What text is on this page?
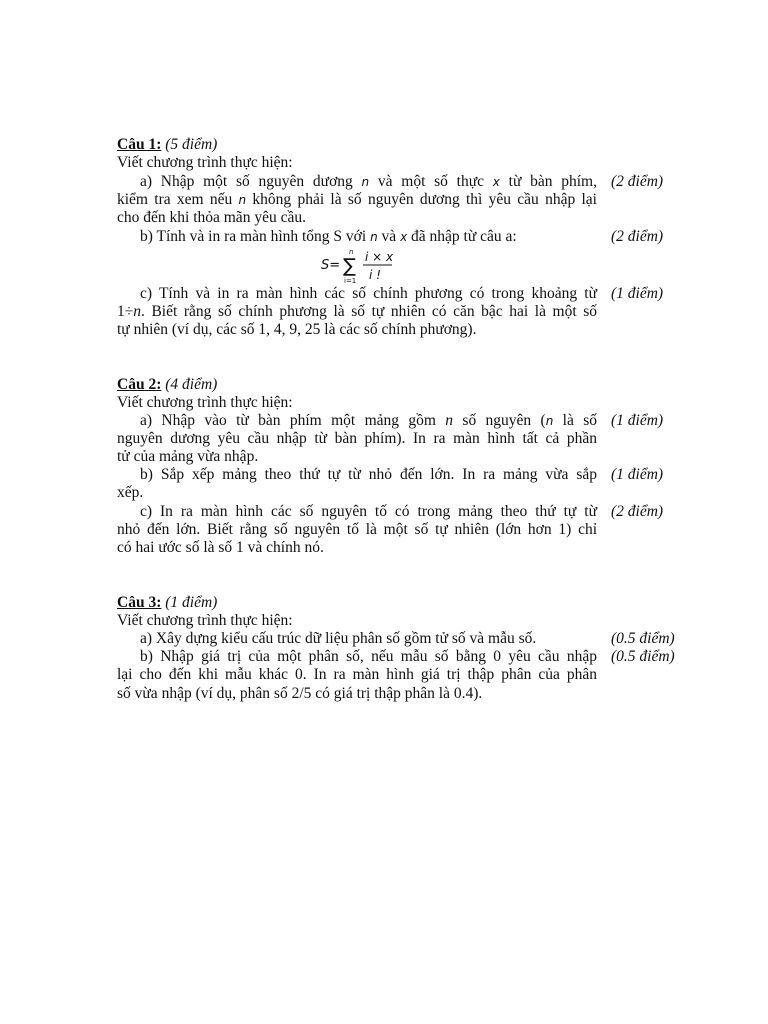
Câu 1: (5 điểm)
Viết chương trình thực hiện:
a) Nhập một số nguyên dương n và một số thực x từ bàn phím, (2 điểm)
kiểm tra xem nếu n không phải là số nguyên dương thì yêu cầu nhập lại
cho đến khi thỏa mãn yêu cầu.
b) Tính và in ra màn hình tổng S với n và x đã nhập từ câu a:	(2 điểm)
S= ∑
n
i=1
i × x
i !
c) Tính và in ra màn hình các số chính phương có trong khoảng từ (1 điểm)
1÷n. Biết rằng số chính phương là số tự nhiên có căn bậc hai là một số
tự nhiên (ví dụ, các số 1, 4, 9, 25 là các số chính phương).
Câu 2: (4 điểm)
Viết chương trình thực hiện:
a) Nhập vào từ bàn phím một mảng gồm n số nguyên (n là số (1 điểm)
nguyên dương yêu cầu nhập từ bàn phím). In ra màn hình tất cả phần
tử của mảng vừa nhập.
b) Sắp xếp mảng theo thứ tự từ nhỏ đến lớn. In ra mảng vừa sắp (1 điểm)
xếp.
c) In ra màn hình các số nguyên tố có trong mảng theo thứ tự từ (2 điểm)
nhỏ đến lớn. Biết rằng số nguyên tố là một số tự nhiên (lớn hơn 1) chỉ
có hai ước số là số 1 và chính nó.
Câu 3: (1 điểm)
Viết chương trình thực hiện:
a) Xây dựng kiểu cấu trúc dữ liệu phân số gồm tử số và mẫu số.	(0.5 điểm)
b) Nhập giá trị của một phân số, nếu mẫu số bằng 0 yêu cầu nhập (0.5 điểm)
lại cho đến khi mẫu khác 0. In ra màn hình giá trị thập phân của phân
số vừa nhập (ví dụ, phân số 2/5 có giá trị thập phân là 0.4).
